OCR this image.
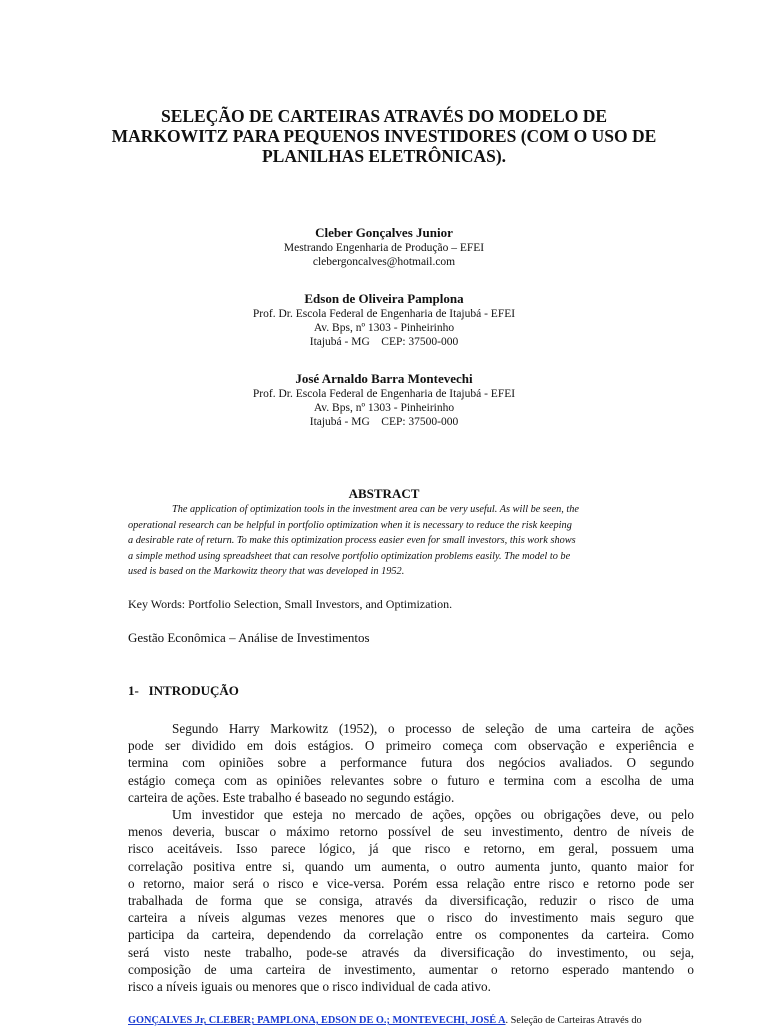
SELEÇÃO DE CARTEIRAS ATRAVÉS DO MODELO DE
MARKOWITZ PARA PEQUENOS INVESTIDORES (COM O USO DE
PLANILHAS ELETRÔNICAS).
Cleber Gonçalves Junior
Mestrando Engenharia de Produção – EFEI
clebergoncalves@hotmail.com
Edson de Oliveira Pamplona
Prof. Dr. Escola Federal de Engenharia de Itajubá - EFEI
Av. Bps, nº 1303 - Pinheirinho
Itajubá - MG    CEP: 37500-000
José Arnaldo Barra Montevechi
Prof. Dr. Escola Federal de Engenharia de Itajubá - EFEI
Av. Bps, nº 1303 - Pinheirinho
Itajubá - MG    CEP: 37500-000
ABSTRACT

The application of optimization tools in the investment area can be very useful. As will be seen, the
operational research can be helpful in portfolio optimization when it is necessary to reduce the risk keeping
a desirable rate of return. To make this optimization process easier even for small investors, this work shows
a simple method using spreadsheet that can resolve portfolio optimization problems easily. The model to be
used is based on the Markowitz theory that was developed in 1952.

Key Words: Portfolio Selection, Small Investors, and Optimization.

Gestão Econômica – Análise de Investimentos

1-   INTRODUÇÃO

Segundo Harry Markowitz (1952), o processo de seleção de uma carteira de ações
pode ser dividido em dois estágios. O primeiro começa com observação e experiência e
termina com opiniões sobre a performance futura dos negócios avaliados. O segundo
estágio começa com as opiniões relevantes sobre o futuro e termina com a escolha de uma
carteira de ações. Este trabalho é baseado no segundo estágio.
Um investidor que esteja no mercado de ações, opções ou obrigações deve, ou pelo
menos deveria, buscar o máximo retorno possível de seu investimento, dentro de níveis de
risco aceitáveis. Isso parece lógico, já que risco e retorno, em geral, possuem uma
correlação positiva entre si, quando um aumenta, o outro aumenta junto, quanto maior for
o retorno, maior será o risco e vice-versa. Porém essa relação entre risco e retorno pode ser
trabalhada de forma que se consiga, através da diversificação, reduzir o risco de uma
carteira a níveis algumas vezes menores que o risco do investimento mais seguro que
participa da carteira, dependendo da correlação entre os componentes da carteira. Como
será visto neste trabalho, pode-se através da diversificação do investimento, ou seja,
composição de uma carteira de investimento, aumentar o retorno esperado mantendo o
risco a níveis iguais ou menores que o risco individual de cada ativo.

GONÇALVES Jr, CLEBER; PAMPLONA, EDSON DE O.; MONTEVECHI, JOSÉ A. Seleção de Carteiras Através do
